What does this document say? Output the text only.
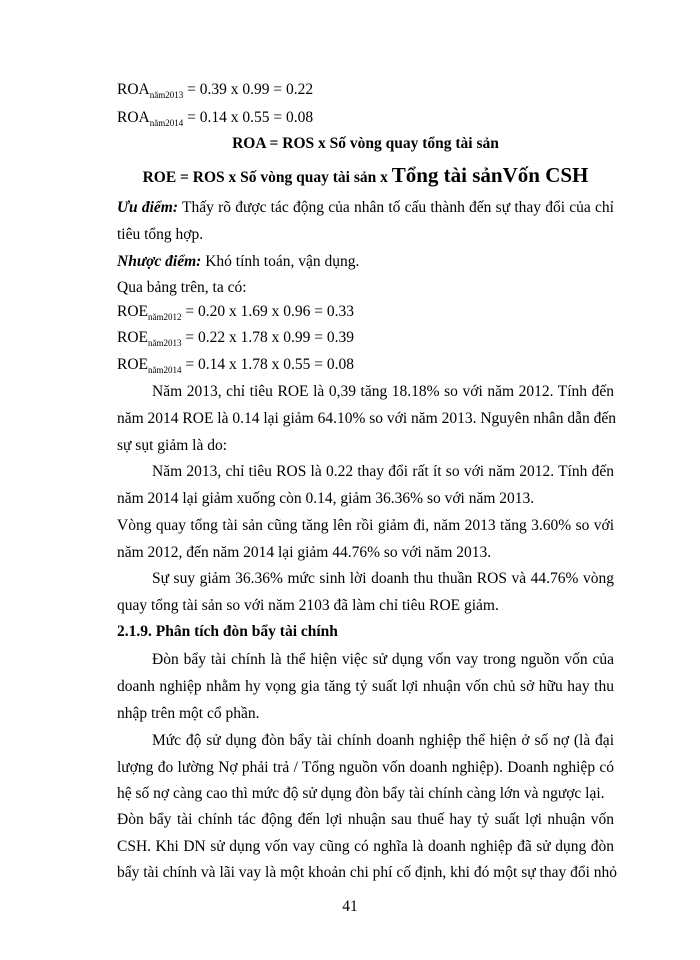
$ROA_{năm2013} = 0.39$ x 0.99 = 0.22
$ROA_{năm2014} = 0.14$ x 0.55 = 0.08
ROA = ROS x Số vòng quay tổng tài sản
ROE = ROS x Số vòng quay tài sản x Tổng tài sảnVốn CSH
Ưu điểm: Thấy rõ được tác động của nhân tố cấu thành đến sự thay đổi của chỉ
tiêu tổng hợp.
Nhược điểm: Khó tính toán, vận dụng.
Qua bảng trên, ta có:
$ROE_{năm2012} = 0.20$ x 1.69 x 0.96 = 0.33
$ROE_{năm2013} = 0.22$ x 1.78 x 0.99 = 0.39
$ROE_{năm2014} = 0.14$ x 1.78 x 0.55 = 0.08
Năm 2013, chỉ tiêu ROE là 0,39 tăng 18.18% so với năm 2012. Tính đến
năm 2014 ROE là 0.14 lại giảm 64.10% so với năm 2013. Nguyên nhân dẫn đến
sự sụt giảm là do:
Năm 2013, chỉ tiêu ROS là 0.22 thay đổi rất ít so với năm 2012. Tính đến
năm 2014 lại giảm xuống còn 0.14, giảm 36.36% so với năm 2013.
Vòng quay tổng tài sản cũng tăng lên rồi giảm đi, năm 2013 tăng 3.60% so với
năm 2012, đến năm 2014 lại giảm 44.76% so với năm 2013.
Sự suy giảm 36.36% mức sinh lời doanh thu thuần ROS và 44.76% vòng
quay tổng tài sản so với năm 2103 đã làm chỉ tiêu ROE giảm.
2.1.9. Phân tích đòn bẩy tài chính
Đòn bẩy tài chính là thể hiện việc sử dụng vốn vay trong nguồn vốn của
doanh nghiệp nhằm hy vọng gia tăng tỷ suất lợi nhuận vốn chủ sở hữu hay thu
nhập trên một cổ phần.
Mức độ sử dụng đòn bẩy tài chính doanh nghiệp thể hiện ở số nợ (là đại
lượng đo lường Nợ phải trả / Tổng nguồn vốn doanh nghiệp). Doanh nghiệp có
hệ số nợ càng cao thì mức độ sử dụng đòn bẩy tài chính càng lớn và ngược lại.
Đòn bẩy tài chính tác động đến lợi nhuận sau thuế hay tỷ suất lợi nhuận vốn
CSH. Khi DN sử dụng vốn vay cũng có nghĩa là doanh nghiệp đã sử dụng đòn
bẩy tài chính và lãi vay là một khoản chi phí cố định, khi đó một sự thay đổi nhỏ
41
